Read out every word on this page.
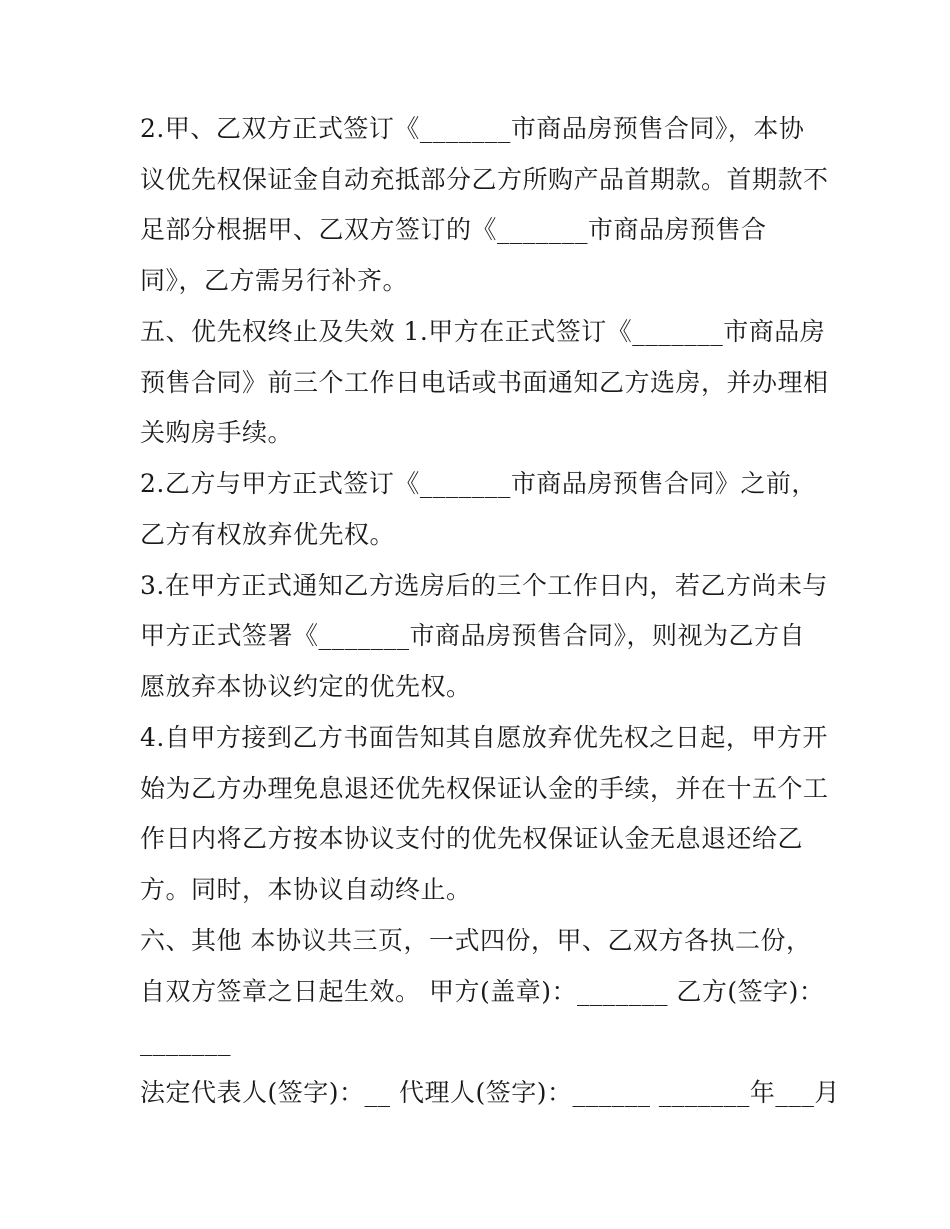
2.甲、乙双方正式签订《_______市商品房预售合同》，本协
议优先权保证金自动充抵部分乙方所购产品首期款。首期款不
足部分根据甲、乙双方签订的《_______市商品房预售合
同》，乙方需另行补齐。
五、优先权终止及失效 1.甲方在正式签订《_______市商品房
预售合同》前三个工作日电话或书面通知乙方选房，并办理相
关购房手续。
2.乙方与甲方正式签订《_______市商品房预售合同》之前，
乙方有权放弃优先权。
3.在甲方正式通知乙方选房后的三个工作日内，若乙方尚未与
甲方正式签署《_______市商品房预售合同》，则视为乙方自
愿放弃本协议约定的优先权。
4.自甲方接到乙方书面告知其自愿放弃优先权之日起，甲方开
始为乙方办理免息退还优先权保证认金的手续，并在十五个工
作日内将乙方按本协议支付的优先权保证认金无息退还给乙
方。同时，本协议自动终止。
六、其他 本协议共三页，一式四份，甲、乙双方各执二份，
自双方签章之日起生效。 甲方(盖章)：_______ 乙方(签字)：
_______
法定代表人(签字)：__ 代理人(签字)：______ _______年___月
